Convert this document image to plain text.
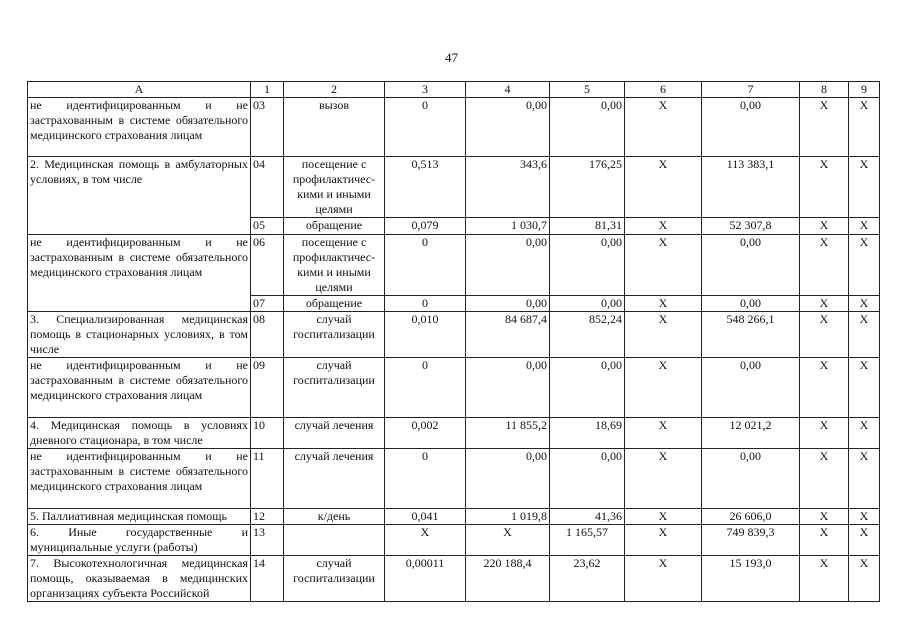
47
А	1	2	3	4	5	6	7	8	9
не идентифицированным и не застрахованным в системе обязательного медицинского страхования лицам	03	вызов	0	0,00	0,00	Х	0,00	Х	Х
2. Медицинская помощь в амбулаторных условиях, в том числе	04	посещение с профилактичес-кими и иными целями	0,513	343,6	176,25	Х	113 383,1	Х	Х
	05	обращение	0,079	1 030,7	81,31	Х	52 307,8	Х	Х
не идентифицированным и не застрахованным в системе обязательного медицинского страхования лицам	06	посещение с профилактичес-кими и иными целями	0	0,00	0,00	Х	0,00	Х	Х
	07	обращение	0	0,00	0,00	Х	0,00	Х	Х
3. Специализированная медицинская помощь в стационарных условиях, в том числе	08	случай госпитализации	0,010	84 687,4	852,24	Х	548 266,1	Х	Х
не идентифицированным и не застрахованным в системе обязательного медицинского страхования лицам	09	случай госпитализации	0	0,00	0,00	Х	0,00	Х	Х
4. Медицинская помощь в условиях дневного стационара, в том числе	10	случай лечения	0,002	11 855,2	18,69	Х	12 021,2	Х	Х
не идентифицированным и не застрахованным в системе обязательного медицинского страхования лицам	11	случай лечения	0	0,00	0,00	Х	0,00	Х	Х
5. Паллиативная медицинская помощь	12	к/день	0,041	1 019,8	41,36	Х	26 606,0	Х	Х
6. Иные государственные и муниципальные услуги (работы)	13		Х	Х	1 165,57	Х	749 839,3	Х	Х
7. Высокотехнологичная медицинская помощь, оказываемая в медицинских организациях субъекта Российской	14	случай госпитализации	0,00011	220 188,4	23,62	Х	15 193,0	Х	Х
